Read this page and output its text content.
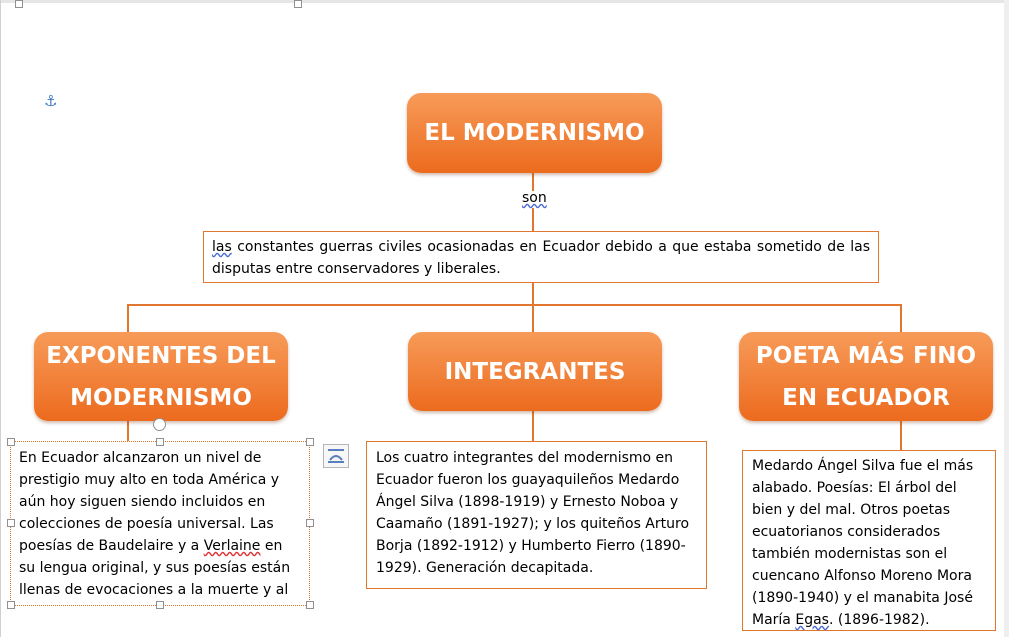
⚓
EL MODERNISMO
son
las constantes guerras civiles ocasionadas en Ecuador debido a que estaba sometido de las disputas entre conservadores y liberales.
EXPONENTES DEL
MODERNISMO
INTEGRANTES
POETA MÁS FINO
EN ECUADOR
En Ecuador alcanzaron un nivel de prestigio muy alto en toda América y aún hoy siguen siendo incluidos en colecciones de poesía universal. Las poesías de Baudelaire y a Verlaine en su lengua original, y sus poesías están llenas de evocaciones a la muerte y al
Los cuatro integrantes del modernismo en Ecuador fueron los guayaquileños Medardo Ángel Silva (1898-1919) y Ernesto Noboa y Caamaño (1891-1927); y los quiteños Arturo Borja (1892-1912) y Humberto Fierro (1890-1929). Generación decapitada.
Medardo Ángel Silva fue el más alabado. Poesías: El árbol del bien y del mal. Otros poetas ecuatorianos considerados también modernistas son el cuencano Alfonso Moreno Mora (1890-1940) y el manabita José María Egas. (1896-1982).
